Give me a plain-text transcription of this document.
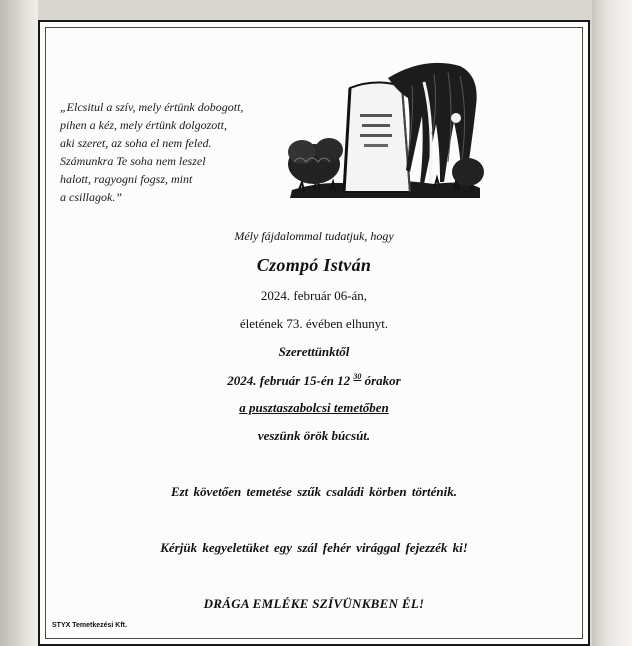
„Elcsitul a szív, mely értünk dobogott,
pihen a kéz, mely értünk dolgozott,
aki szeret, az soha el nem feled.
Számunkra Te soha nem leszel
halott, ragyogni fogsz, mint
a csillagok.”

Mély fájdalommal tudatjuk, hogy
Czompó István
2024. február 06-án,
életének 73. évében elhunyt.
Szerettünktől
2024. február 15-én 12 $^{30}$ órakor
a pusztaszabolcsi temetőben
veszünk örök búcsút.
Ezt követően temetése szűk családi körben történik.
Kérjük kegyeletüket egy szál fehér virággal fejezzék ki!
DRÁGA EMLÉKE SZÍVÜNKBEN ÉL!
STYX Temetkezési Kft.
